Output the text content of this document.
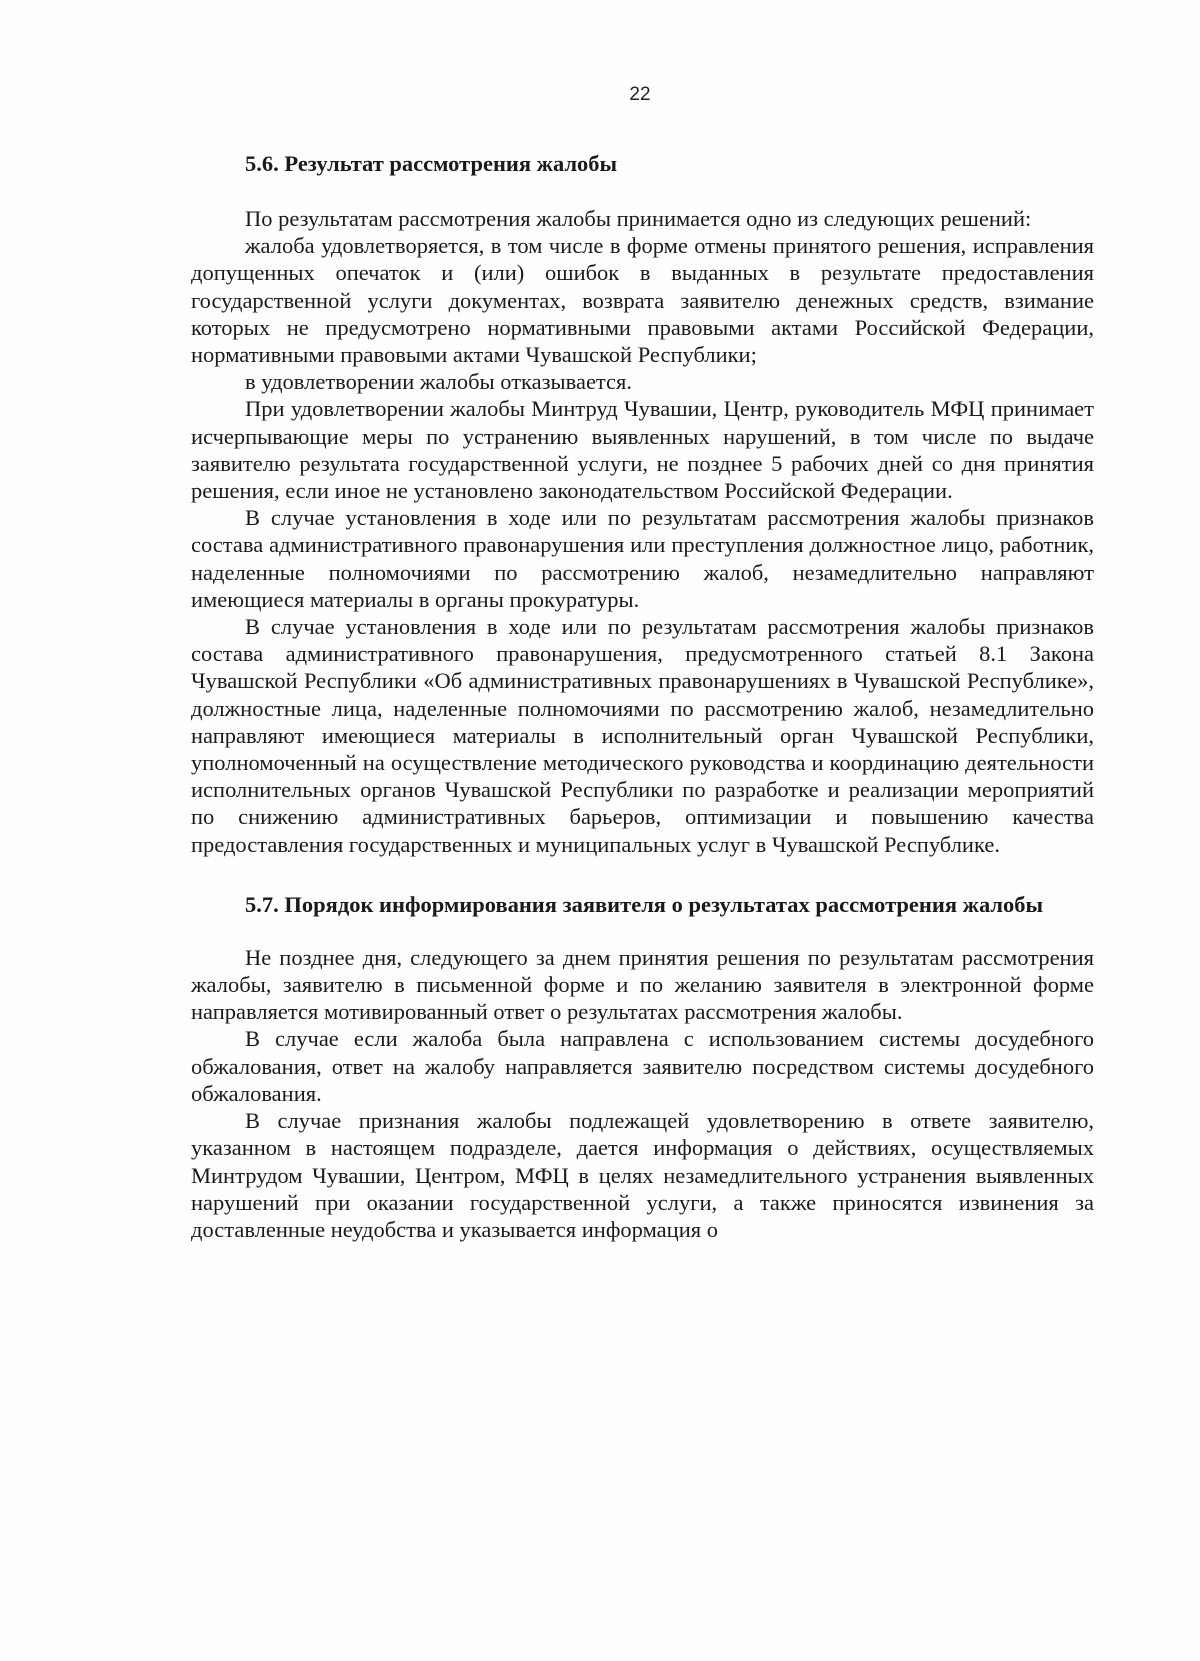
22
5.6. Результат рассмотрения жалобы

По результатам рассмотрения жалобы принимается одно из следующих решений:

жалоба удовлетворяется, в том числе в форме отмены принятого решения, исправления допущенных опечаток и (или) ошибок в выданных в результате предоставления государственной услуги документах, возврата заявителю денежных средств, взимание которых не предусмотрено нормативными правовыми актами Российской Федерации, нормативными правовыми актами Чувашской Республики;

в удовлетворении жалобы отказывается.

При удовлетворении жалобы Минтруд Чувашии, Центр, руководитель МФЦ принимает исчерпывающие меры по устранению выявленных нарушений, в том числе по выдаче заявителю результата государственной услуги, не позднее 5 рабочих дней со дня принятия решения, если иное не установлено законодательством Российской Федерации.

В случае установления в ходе или по результатам рассмотрения жалобы признаков состава административного правонарушения или преступления должностное лицо, работник, наделенные полномочиями по рассмотрению жалоб, незамедлительно направляют имеющиеся материалы в органы прокуратуры.

В случае установления в ходе или по результатам рассмотрения жалобы признаков состава административного правонарушения, предусмотренного статьей 8.1 Закона Чувашской Республики «Об административных правонарушениях в Чувашской Республике», должностные лица, наделенные полномочиями по рассмотрению жалоб, незамедлительно направляют имеющиеся материалы в исполнительный орган Чувашской Республики, уполномоченный на осуществление методического руководства и координацию деятельности исполнительных органов Чувашской Республики по разработке и реализации мероприятий по снижению административных барьеров, оптимизации и повышению качества предоставления государственных и муниципальных услуг в Чувашской Республике.

5.7. Порядок информирования заявителя о результатах рассмотрения жалобы

Не позднее дня, следующего за днем принятия решения по результатам рассмотрения жалобы, заявителю в письменной форме и по желанию заявителя в электронной форме направляется мотивированный ответ о результатах рассмотрения жалобы.

В случае если жалоба была направлена с использованием системы досудебного обжалования, ответ на жалобу направляется заявителю посредством системы досудебного обжалования.

В случае признания жалобы подлежащей удовлетворению в ответе заявителю, указанном в настоящем подразделе, дается информация о действиях, осуществляемых Минтрудом Чувашии, Центром, МФЦ в целях незамедлительного устранения выявленных нарушений при оказании государственной услуги, а также приносятся извинения за доставленные неудобства и указывается информация о
